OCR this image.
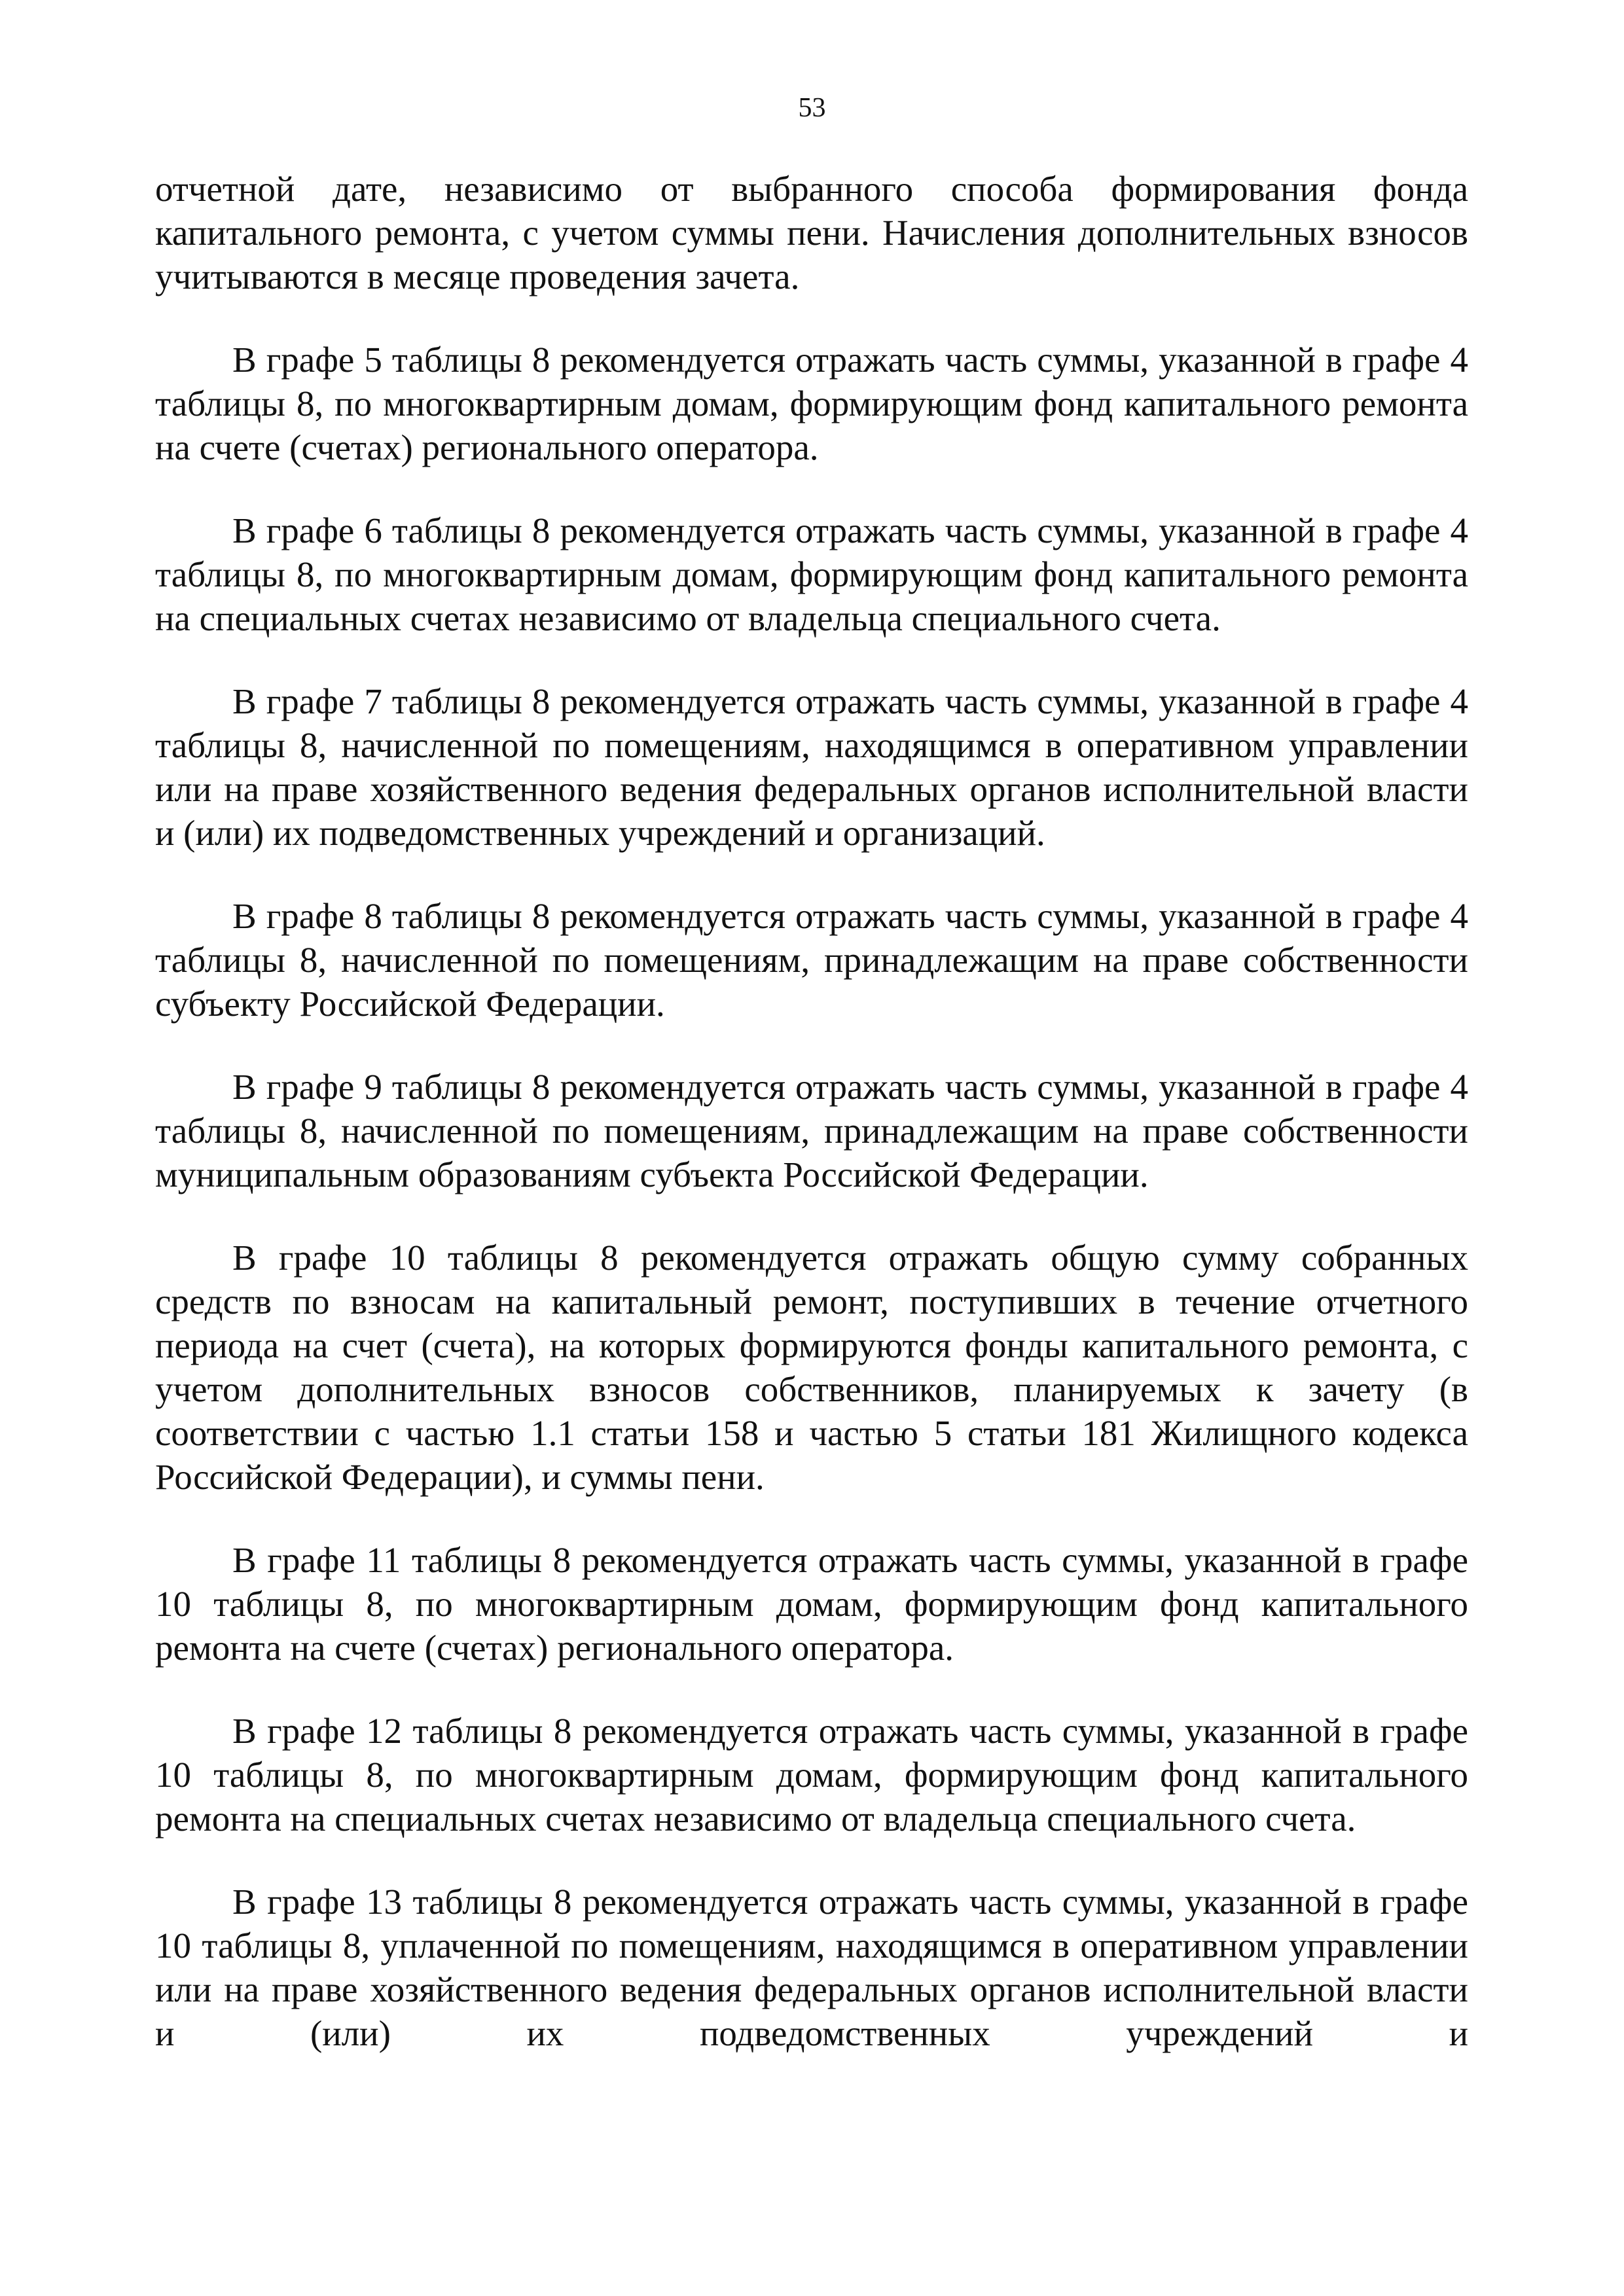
53

отчетной дате, независимо от выбранного способа формирования фонда капитального ремонта, с учетом суммы пени. Начисления дополнительных взносов учитываются в месяце проведения зачета.

В графе 5 таблицы 8 рекомендуется отражать часть суммы, указанной в графе 4 таблицы 8, по многоквартирным домам, формирующим фонд капитального ремонта на счете (счетах) регионального оператора.

В графе 6 таблицы 8 рекомендуется отражать часть суммы, указанной в графе 4 таблицы 8, по многоквартирным домам, формирующим фонд капитального ремонта на специальных счетах независимо от владельца специального счета.

В графе 7 таблицы 8 рекомендуется отражать часть суммы, указанной в графе 4 таблицы 8, начисленной по помещениям, находящимся в оперативном управлении или на праве хозяйственного ведения федеральных органов исполнительной власти и (или) их подведомственных учреждений и организаций.

В графе 8 таблицы 8 рекомендуется отражать часть суммы, указанной в графе 4 таблицы 8, начисленной по помещениям, принадлежащим на праве собственности субъекту Российской Федерации.

В графе 9 таблицы 8 рекомендуется отражать часть суммы, указанной в графе 4 таблицы 8, начисленной по помещениям, принадлежащим на праве собственности муниципальным образованиям субъекта Российской Федерации.

В графе 10 таблицы 8 рекомендуется отражать общую сумму собранных средств по взносам на капитальный ремонт, поступивших в течение отчетного периода на счет (счета), на которых формируются фонды капитального ремонта, с учетом дополнительных взносов собственников, планируемых к зачету (в соответствии с частью 1.1 статьи 158 и частью 5 статьи 181 Жилищного кодекса Российской Федерации), и суммы пени.

В графе 11 таблицы 8 рекомендуется отражать часть суммы, указанной в графе 10 таблицы 8, по многоквартирным домам, формирующим фонд капитального ремонта на счете (счетах) регионального оператора.

В графе 12 таблицы 8 рекомендуется отражать часть суммы, указанной в графе 10 таблицы 8, по многоквартирным домам, формирующим фонд капитального ремонта на специальных счетах независимо от владельца специального счета.

В графе 13 таблицы 8 рекомендуется отражать часть суммы, указанной в графе 10 таблицы 8, уплаченной по помещениям, находящимся в оперативном управлении или на праве хозяйственного ведения федеральных органов исполнительной власти и (или) их подведомственных учреждений и
